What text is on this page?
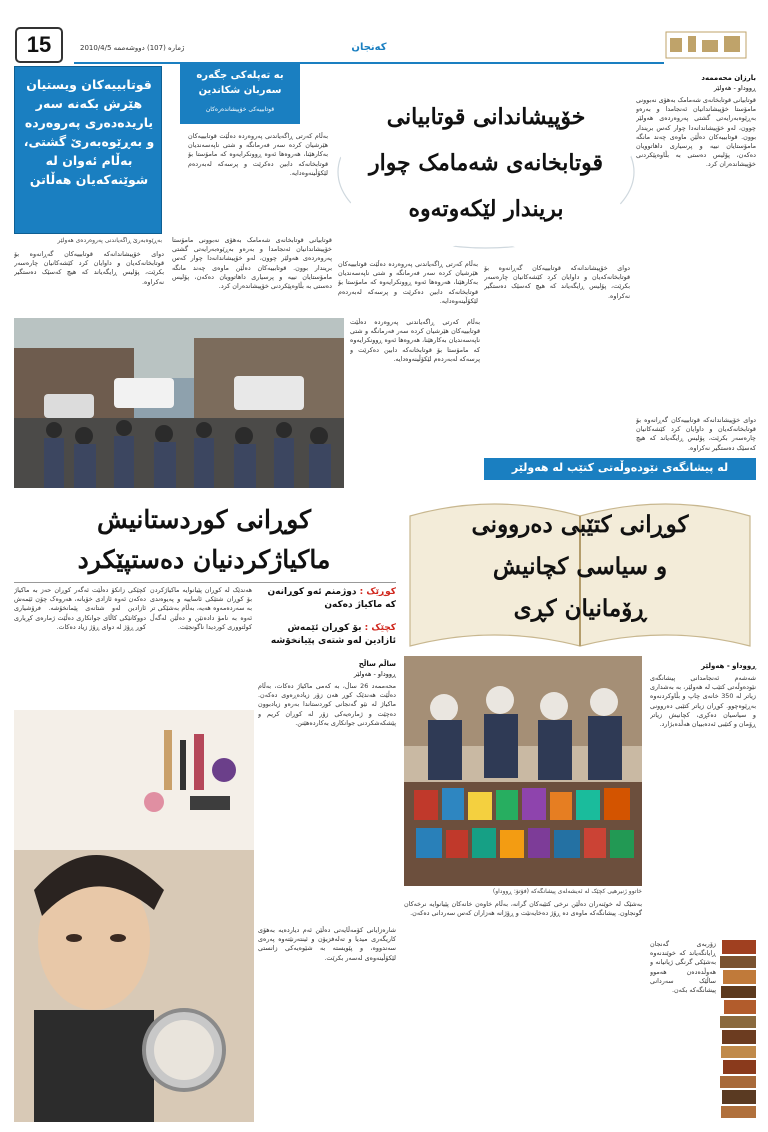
15	ژماره (107) دووشەممە 2010/4/5	کەنجان
قوتابییەکان ویستیان
هێرش بکەنە سەر
یاریدەدەری پەروەردە
و بەڕێوەبەرێ گشتی،
بەڵام ئەوان لە
شوێنەکەیان هەڵاتن
بەڕێوەبەرێ ڕاگەیاندنی پەروەردەی هەولێر
بە تەپلەکی جگەرە سەربان شکاندین
قوتابییەکی خۆپیشاندەرەکان	خۆپیشاندانی قوتابیانی
قوتابخانەی شەمامک چوار
بریندار لێکەوتەوە
بارزان محەممەد
ڕووداو - هەولێر
قوتابیانی قوتابخانەی شەمامک بەهۆی نەبوونی مامۆستا خۆپیشاندانیان ئەنجامدا و بەرەو بەڕێوەبەرایەتی گشتی پەروەردەی هەولێر چوون، لەو خۆپیشاندانەدا چوار کەس بریندار بوون. قوتابییەکان دەڵێن ماوەی چەند مانگە مامۆستایان نییە و پرسیاری داهاتوویان دەکەن، پۆلیس دەستی بە بڵاوەپێکردنی خۆپیشاندەران کرد.
بەڵام کەرتی ڕاگەیاندنی پەروەردە دەڵێت قوتابییەکان هێرشیان کردە سەر فەرمانگە و شتی ناپەسەندیان بەکارهێنا، هەروەها ئەوە ڕوونکرایەوە کە مامۆستا بۆ قوتابخانەکە دابین دەکرێت و پرسەکە لەبەردەم لێکۆڵینەوەدایە.
دوای خۆپیشاندانەکە قوتابییەکان گەڕانەوە بۆ قوتابخانەکەیان و داوایان کرد کێشەکانیان چارەسەر بکرێت، پۆلیس ڕایگەیاند کە هیچ کەسێک دەستگیر نەکراوە.
قوتابیانی قوتابخانەی شەمامک بەهۆی نەبوونی مامۆستا خۆپیشاندانیان ئەنجامدا و بەرەو بەڕێوەبەرایەتی گشتی پەروەردەی هەولێر چوون، لەو خۆپیشاندانەدا چوار کەس بریندار بوون. قوتابییەکان دەڵێن ماوەی چەند مانگە مامۆستایان نییە و پرسیاری داهاتوویان دەکەن، پۆلیس دەستی بە بڵاوەپێکردنی خۆپیشاندەران کرد.
بەڵام کەرتی ڕاگەیاندنی پەروەردە دەڵێت قوتابییەکان هێرشیان کردە سەر فەرمانگە و شتی ناپەسەندیان بەکارهێنا، هەروەها ئەوە ڕوونکرایەوە کە مامۆستا بۆ قوتابخانەکە دابین دەکرێت و پرسەکە لەبەردەم لێکۆڵینەوەدایە.
دوای خۆپیشاندانەکە قوتابییەکان گەڕانەوە بۆ قوتابخانەکەیان و داوایان کرد کێشەکانیان چارەسەر بکرێت، پۆلیس ڕایگەیاند کە هیچ کەسێک دەستگیر نەکراوە.
بەڵام کەرتی ڕاگەیاندنی پەروەردە دەڵێت قوتابییەکان هێرشیان کردە سەر فەرمانگە و شتی ناپەسەندیان بەکارهێنا، هەروەها ئەوە ڕوونکرایەوە کە مامۆستا بۆ قوتابخانەکە دابین دەکرێت و پرسەکە لەبەردەم لێکۆڵینەوەدایە.
دوای خۆپیشاندانەکە قوتابییەکان گەڕانەوە بۆ قوتابخانەکەیان و داوایان کرد کێشەکانیان چارەسەر بکرێت، پۆلیس ڕایگەیاند کە هیچ کەسێک دەستگیر نەکراوە.
لە پیشانگەی نێودەوڵەتی کتێب لە هەولێر
کوڕانی کتێبی دەروونی
و سیاسی کچانیش
ڕۆمانیان کڕی
ڕووداو - هەولێر
خاتوو ژنیرهیی کچێک لە ئەیشەلەی پیشانگەکە (فۆتۆ: ڕووداو)
شەشەم ئەنجامدانی پیشانگەی نێودەوڵەتی کتێب لە هەولێر، بە بەشداری زیاتر لە 350 خانەی چاپ و بڵاوکردنەوە بەڕێوەچوو. کوڕان زیاتر کتێبی دەروونی و سیاسیان دەکڕی، کچانیش زیاتر ڕۆمان و کتێبی ئەدەبییان هەڵدەبژارد.
بەشێک لە خوێنەران دەڵێن نرخی کتێبەکان گرانە، بەڵام خاوەن خانەکان پێیانوایە نرخەکان گونجاون. پیشانگەکە ماوەی دە ڕۆژ دەخایەنێت و ڕۆژانە هەزاران کەس سەردانی دەکەن.
زۆربەی گەنجان ڕایانگەیاند کە خوێندنەوە بەشێکی گرنگی ژیانیانە و هەوڵدەدەن هەموو ساڵێک سەردانی پیشانگەکە بکەن.
کوڕانی کوردستانیش
ماکیاژکردنیان دەستپێکرد
کوڕێک : دوژمنم ئەو کوڕانەن کە ماکیاژ دەکەن
کچێک : بۆ کوڕان ئێمەش ئازادین لەو شتەی پێیانخۆشە
ساڵم ساڵح
ڕووداو - هەولێر
محەممەد 26 ساڵ، بە کەمی ماکیاژ دەکات، بەڵام دەڵێت هەندێک کوڕ هەن زۆر زیادەڕەوی دەکەن. ماکیاژ لە نێو گەنجانی کوردستاندا بەرەو زیادبوون دەچێت و ژمارەیەکی زۆر لە کوڕان کریم و پێشکەشکردنی جوانکاری بەکاردەهێنن.
هەندێک لە کوڕان پێیانوایە ماکیاژکردن بۆ کوڕان شتێکی ئاساییە و پەیوەندی بە سەردەمەوە هەیە، بەڵام بەشێکی تر ئەوە بە نامۆ دادەنێن و دەڵێن لەگەڵ کولتووری کوردیدا ناگونجێت.
کچێکی زانکۆ دەڵێت ئەگەر کوڕان حەز بە ماکیاژ دەکەن ئەوە ئازادی خۆیانە، هەروەک چۆن ئێمەش ئازادین لەو شتانەی پێمانخۆشە. فرۆشیاری دووکانێکی کاڵای جوانکاری دەڵێت ژمارەی کڕیاری کوڕ ڕۆژ لە دوای ڕۆژ زیاد دەکات.
شارەزایانی کۆمەڵایەتی دەڵێن ئەم دیاردەیە بەهۆی کاریگەری میدیا و تەلەفزیۆن و ئینتەرنێتەوە پەرەی سەندووە، و پێویستە بە شێوەیەکی زانستی لێکۆڵینەوەی لەسەر بکرێت.
